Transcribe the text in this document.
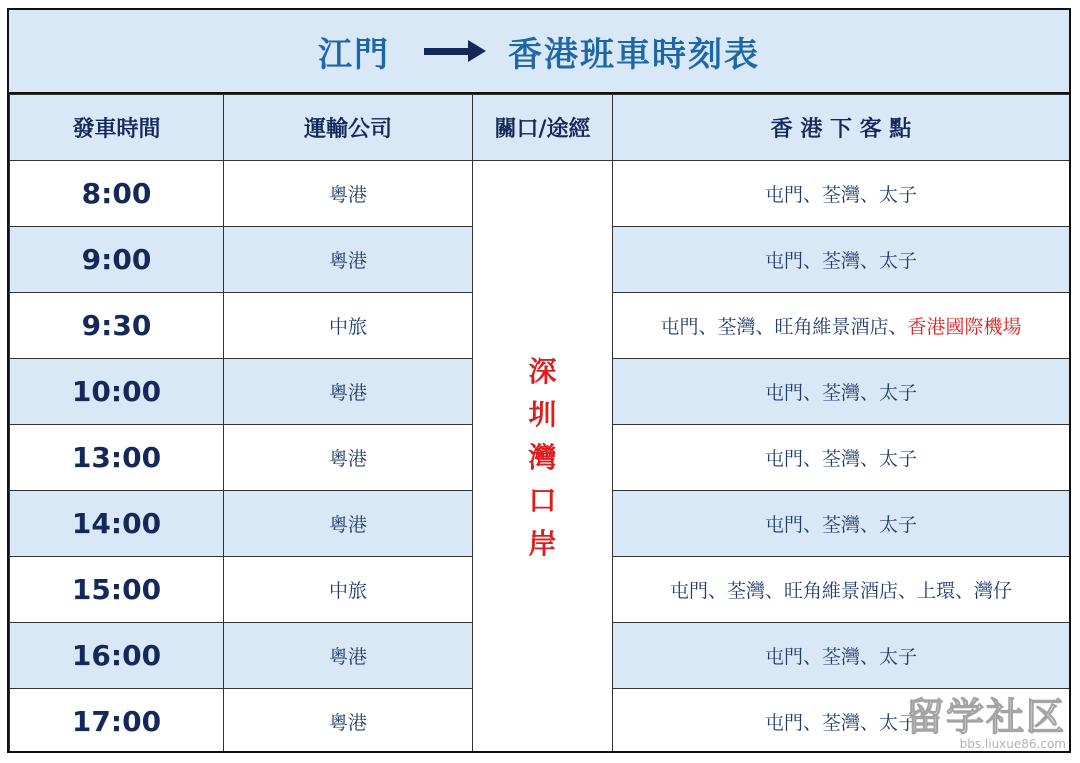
江門	香港班車時刻表
發車時間	運輸公司	關口/途經	香 港 下 客 點
8:00	粵港	深圳灣口岸	屯門、荃灣、太子
9:00	粵港		屯門、荃灣、太子
9:30	中旅		屯門、荃灣、旺角維景酒店、香港國際機場
10:00	粵港		屯門、荃灣、太子
13:00	粵港		屯門、荃灣、太子
14:00	粵港		屯門、荃灣、太子
15:00	中旅		屯門、荃灣、旺角維景酒店、上環、灣仔
16:00	粵港		屯門、荃灣、太子
17:00	粵港		屯門、荃灣、太子
留学社区
bbs.liuxue86.com
